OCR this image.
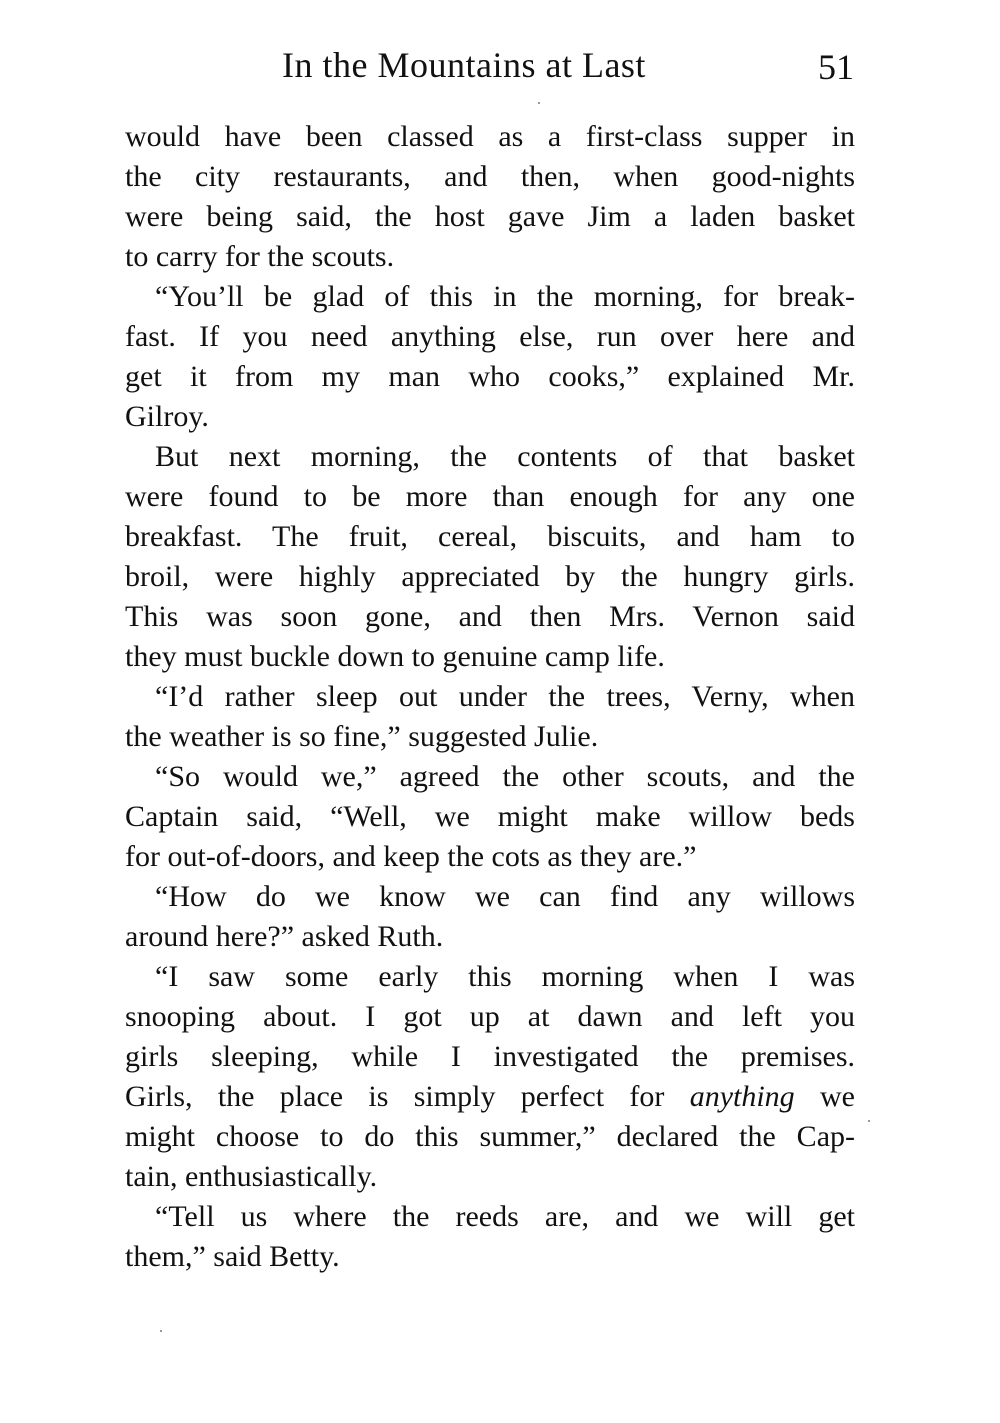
In the Mountains at Last	51
would have been classed as a first-class supper in
the city restaurants, and then, when good-nights
were being said, the host gave Jim a laden basket
to carry for the scouts.
“You’ll be glad of this in the morning, for break-
fast. If you need anything else, run over here and
get it from my man who cooks,” explained Mr.
Gilroy.
But next morning, the contents of that basket
were found to be more than enough for any one
breakfast. The fruit, cereal, biscuits, and ham to
broil, were highly appreciated by the hungry girls.
This was soon gone, and then Mrs. Vernon said
they must buckle down to genuine camp life.
“I’d rather sleep out under the trees, Verny, when
the weather is so fine,” suggested Julie.
“So would we,” agreed the other scouts, and the
Captain said, “Well, we might make willow beds
for out-of-doors, and keep the cots as they are.”
“How do we know we can find any willows
around here?” asked Ruth.
“I saw some early this morning when I was
snooping about. I got up at dawn and left you
girls sleeping, while I investigated the premises.
Girls, the place is simply perfect for anything we
might choose to do this summer,” declared the Cap-
tain, enthusiastically.
“Tell us where the reeds are, and we will get
them,” said Betty.
